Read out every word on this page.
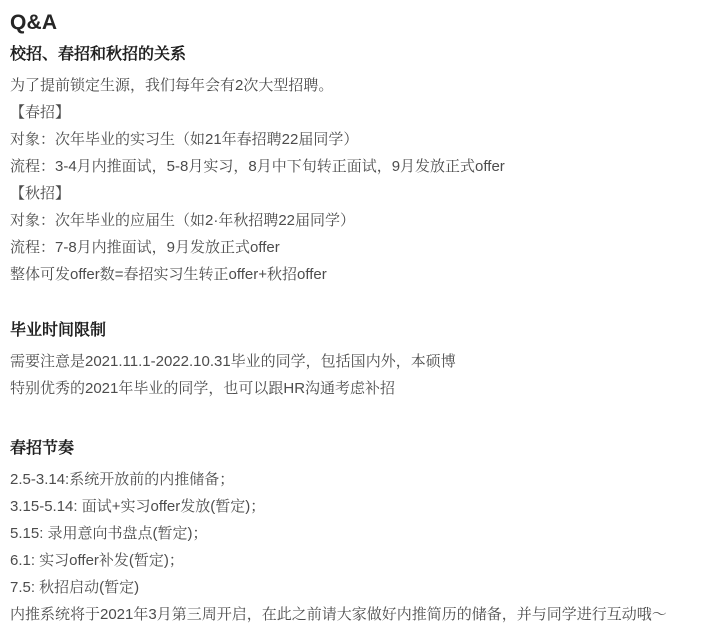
Q&A
校招、春招和秋招的关系
为了提前锁定生源，我们每年会有2次大型招聘。
【春招】
对象：次年毕业的实习生（如21年春招聘22届同学）
流程：3-4月内推面试，5-8月实习，8月中下旬转正面试，9月发放正式offer
【秋招】
对象：次年毕业的应届生（如2·年秋招聘22届同学）
流程：7-8月内推面试，9月发放正式offer
整体可发offer数=春招实习生转正offer+秋招offer
毕业时间限制
需要注意是2021.11.1-2022.10.31毕业的同学，包括国内外，本硕博
特别优秀的2021年毕业的同学，也可以跟HR沟通考虑补招
春招节奏
2.5-3.14:系统开放前的内推储备；
3.15-5.14: 面试+实习offer发放(暂定)；
5.15: 录用意向书盘点(暂定)；
6.1: 实习offer补发(暂定)；
7.5: 秋招启动(暂定)
内推系统将于2021年3月第三周开启，在此之前请大家做好内推简历的储备，并与同学进行互动哦～
